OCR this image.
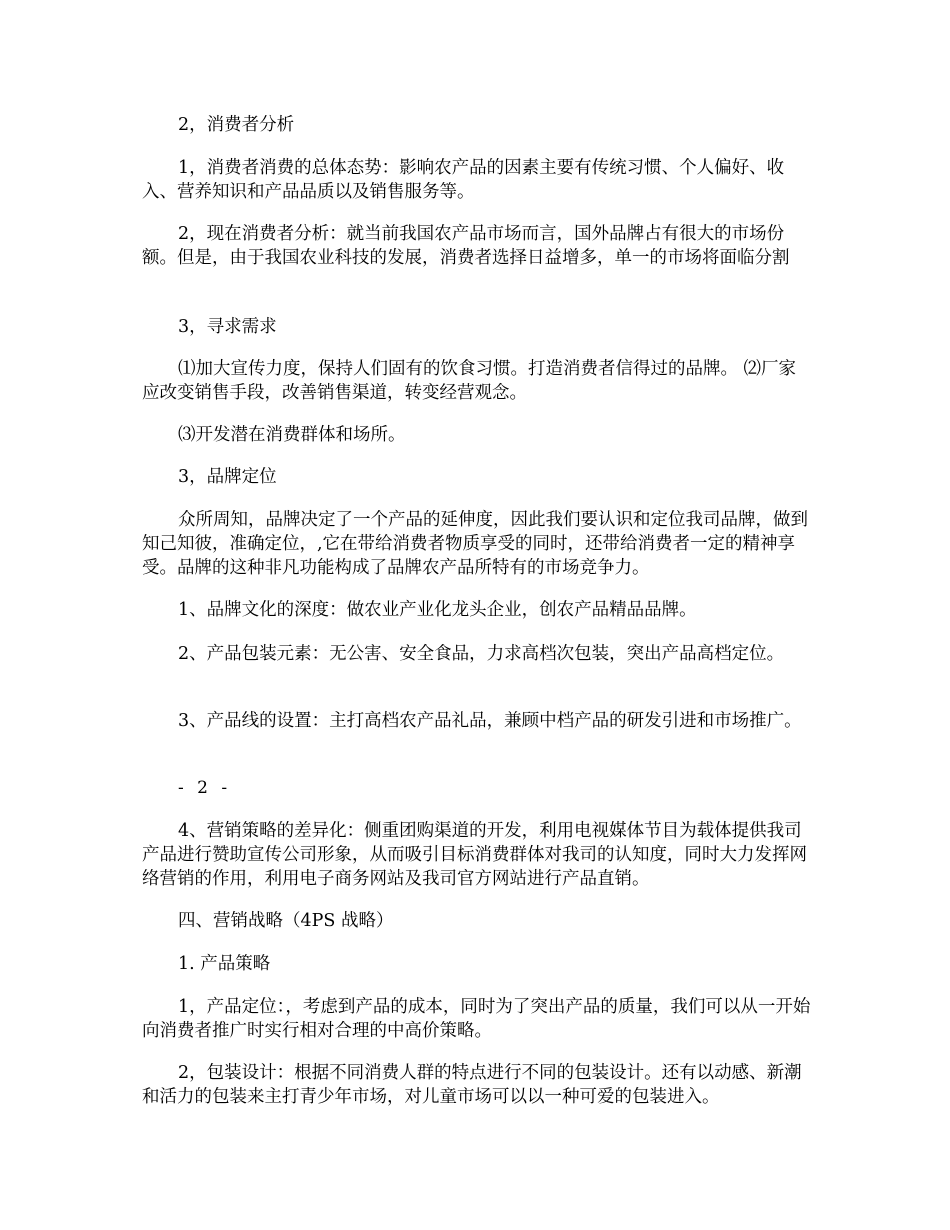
2，消费者分析

1，消费者消费的总体态势：影响农产品的因素主要有传统习惯、个人偏好、收入、营养知识和产品品质以及销售服务等。

2，现在消费者分析：就当前我国农产品市场而言，国外品牌占有很大的市场份额。但是，由于我国农业科技的发展，消费者选择日益增多，单一的市场将面临分割

3，寻求需求

⑴加大宣传力度，保持人们固有的饮食习惯。打造消费者信得过的品牌。 ⑵厂家应改变销售手段，改善销售渠道，转变经营观念。

⑶开发潜在消费群体和场所。

3，品牌定位

众所周知，品牌决定了一个产品的延伸度，因此我们要认识和定位我司品牌，做到知己知彼，准确定位，,它在带给消费者物质享受的同时，还带给消费者一定的精神享受。品牌的这种非凡功能构成了品牌农产品所特有的市场竞争力。

1、品牌文化的深度：做农业产业化龙头企业，创农产品精品品牌。

2、产品包装元素：无公害、安全食品，力求高档次包装，突出产品高档定位。

3、产品线的设置：主打高档农产品礼品，兼顾中档产品的研发引进和市场推广。

- 2 -

4、营销策略的差异化：侧重团购渠道的开发，利用电视媒体节目为载体提供我司产品进行赞助宣传公司形象，从而吸引目标消费群体对我司的认知度，同时大力发挥网络营销的作用，利用电子商务网站及我司官方网站进行产品直销。

四、营销战略（4PS 战略）

1. 产品策略

1，产品定位：，考虑到产品的成本，同时为了突出产品的质量，我们可以从一开始向消费者推广时实行相对合理的中高价策略。

2，包装设计：根据不同消费人群的特点进行不同的包装设计。还有以动感、新潮和活力的包装来主打青少年市场，对儿童市场可以以一种可爱的包装进入。
